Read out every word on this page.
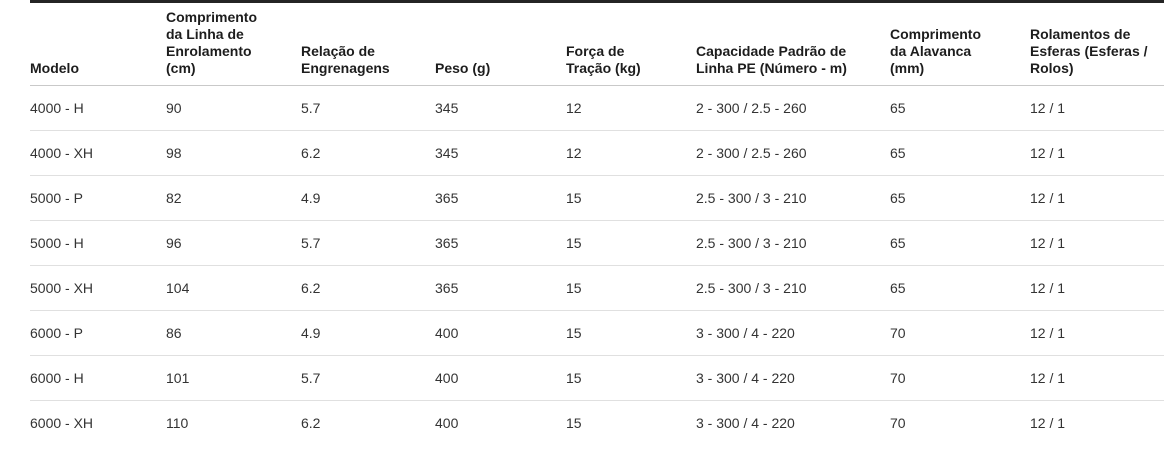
Modelo	Comprimento da Linha de Enrolamento (cm)	Relação de Engrenagens	Peso (g)	Força de Tração (kg)	Capacidade Padrão de Linha PE (Número - m)	Comprimento da Alavanca (mm)	Rolamentos de Esferas (Esferas / Rolos)
4000 - H	90	5.7	345	12	2 - 300 / 2.5 - 260	65	12 / 1
4000 - XH	98	6.2	345	12	2 - 300 / 2.5 - 260	65	12 / 1
5000 - P	82	4.9	365	15	2.5 - 300 / 3 - 210	65	12 / 1
5000 - H	96	5.7	365	15	2.5 - 300 / 3 - 210	65	12 / 1
5000 - XH	104	6.2	365	15	2.5 - 300 / 3 - 210	65	12 / 1
6000 - P	86	4.9	400	15	3 - 300 / 4 - 220	70	12 / 1
6000 - H	101	5.7	400	15	3 - 300 / 4 - 220	70	12 / 1
6000 - XH	110	6.2	400	15	3 - 300 / 4 - 220	70	12 / 1
